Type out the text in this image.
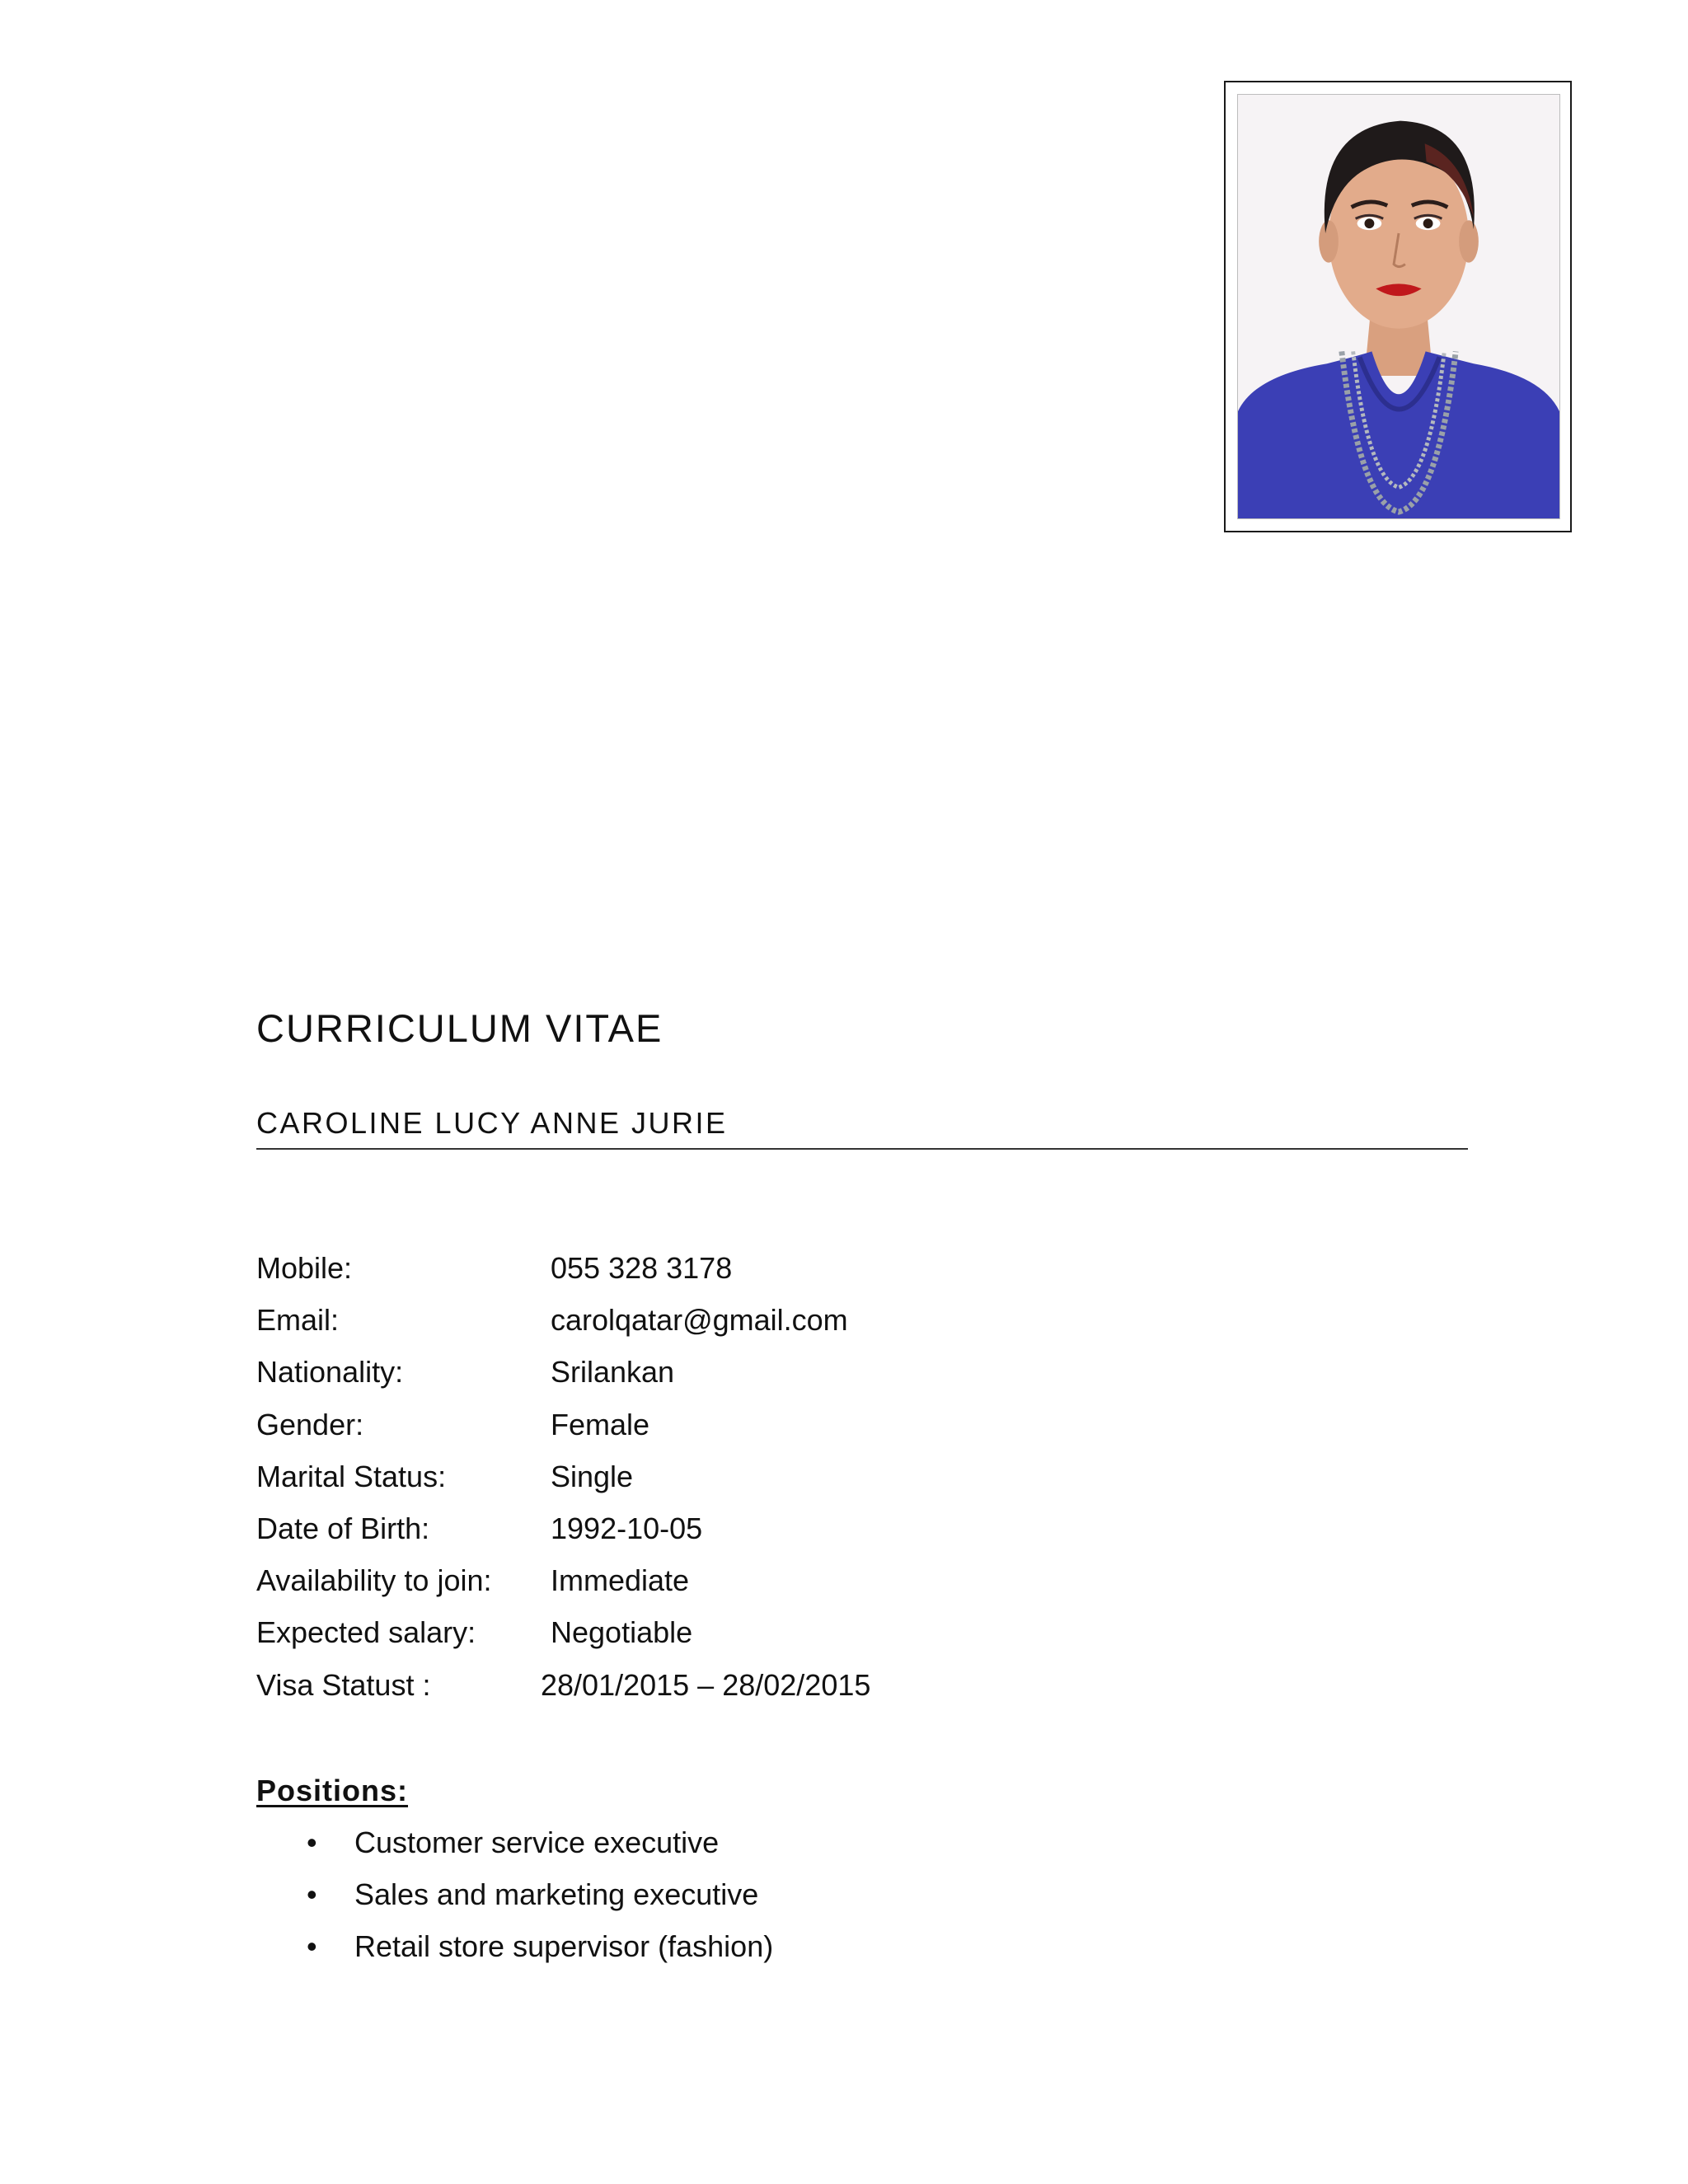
CURRICULUM VITAE
CAROLINE LUCY ANNE JURIE
Mobile:	055 328 3178
Email:	carolqatar@gmail.com
Nationality:	Srilankan
Gender:	Female
Marital Status:	Single
Date of Birth:	1992-10-05
Availability to join: Immediate
Expected salary:	Negotiable
Visa Statust :	28/01/2015 – 28/02/2015
Positions:
• Customer service executive
• Sales and marketing executive
• Retail store supervisor (fashion)
